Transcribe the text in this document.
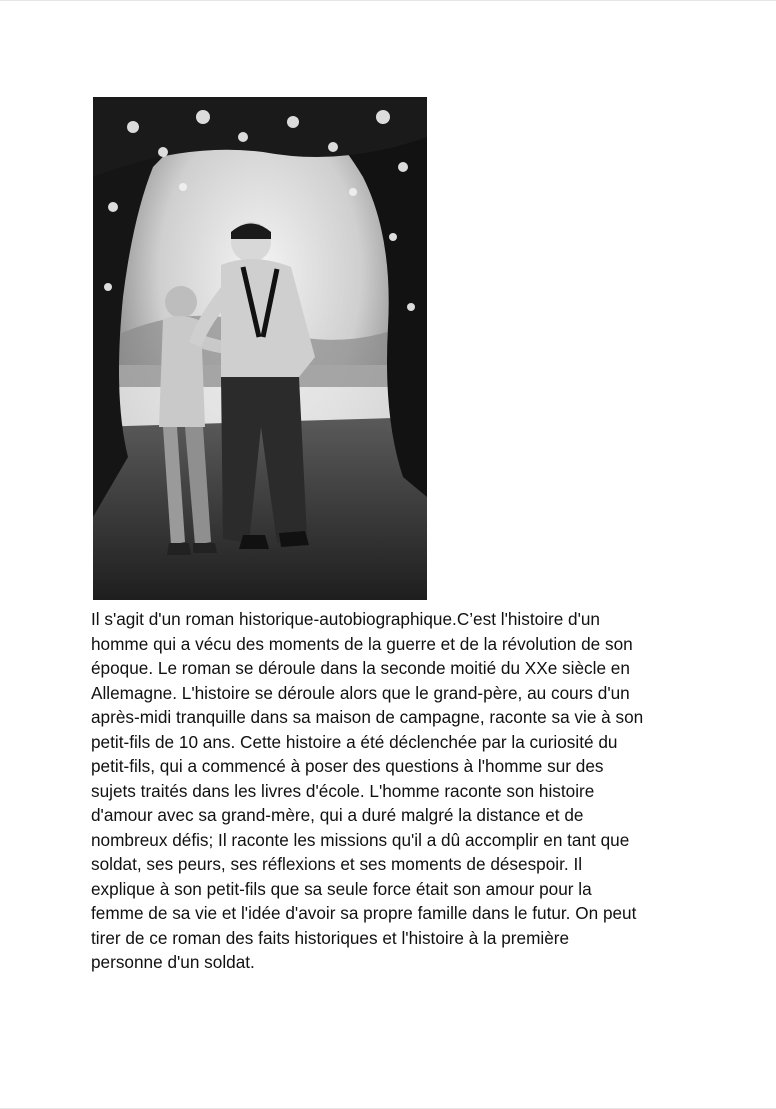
Il s'agit d'un roman historique-autobiographique.C’est l'histoire d'un
homme qui a vécu des moments de la guerre et de la révolution de son
époque. Le roman se déroule dans la seconde moitié du XXe siècle en
Allemagne. L'histoire se déroule alors que le grand-père, au cours d'un
après-midi tranquille dans sa maison de campagne, raconte sa vie à son
petit-fils de 10 ans. Cette histoire a été déclenchée par la curiosité du
petit-fils, qui a commencé à poser des questions à l'homme sur des
sujets traités dans les livres d'école. L'homme raconte son histoire
d'amour avec sa grand-mère, qui a duré malgré la distance et de
nombreux défis; Il raconte les missions qu'il a dû accomplir en tant que
soldat, ses peurs, ses réflexions et ses moments de désespoir. Il
explique à son petit-fils que sa seule force était son amour pour la
femme de sa vie et l'idée d'avoir sa propre famille dans le futur. On peut
tirer de ce roman des faits historiques et l'histoire à la première
personne d'un soldat.
